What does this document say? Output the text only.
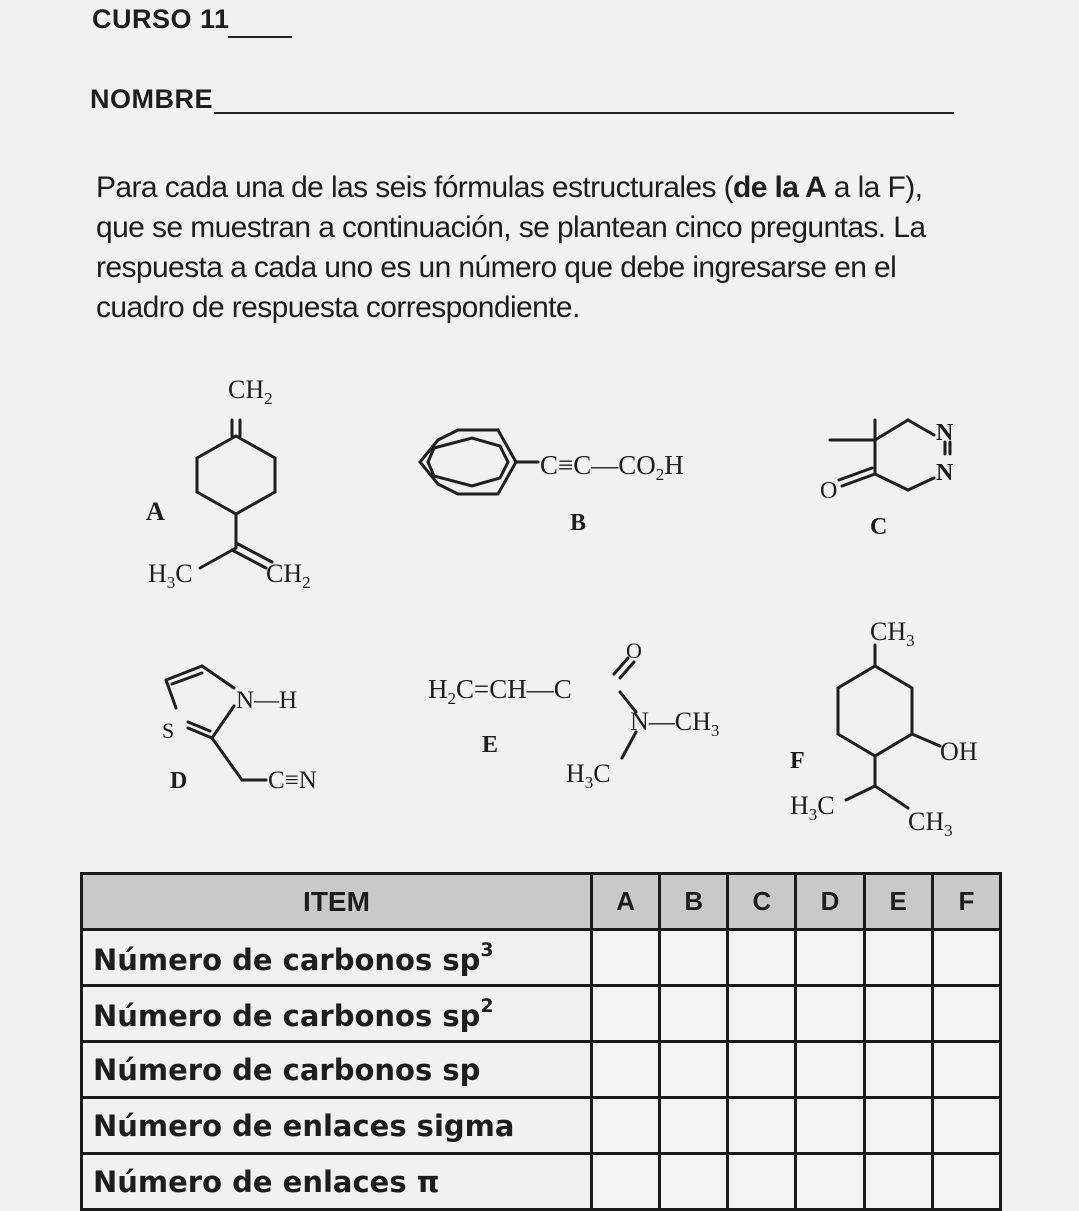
CURSO 11
NOMBRE
Para cada una de las seis fórmulas estructurales (de la A a la F), que se muestran a continuación, se plantean cinco preguntas. La respuesta a cada uno es un número que debe ingresarse en el cuadro de respuesta correspondiente.
A
$CH_2$
$H_3C$	$CH_2$
$C\equiv C—CO_2H$
B
N
N
O
C
N—H
S
D	C≡N
O
$H_2C=CH—C$
$N—CH_3$
E
$H_3C$
$CH_3$
OH
F
$H_3C$
$CH_3$
ITEM	A	B	C	D	E	F
Número de carbonos $sp^3$						
Número de carbonos $sp^2$						
Número de carbonos sp						
Número de enlaces sigma						
Número de enlaces π						
